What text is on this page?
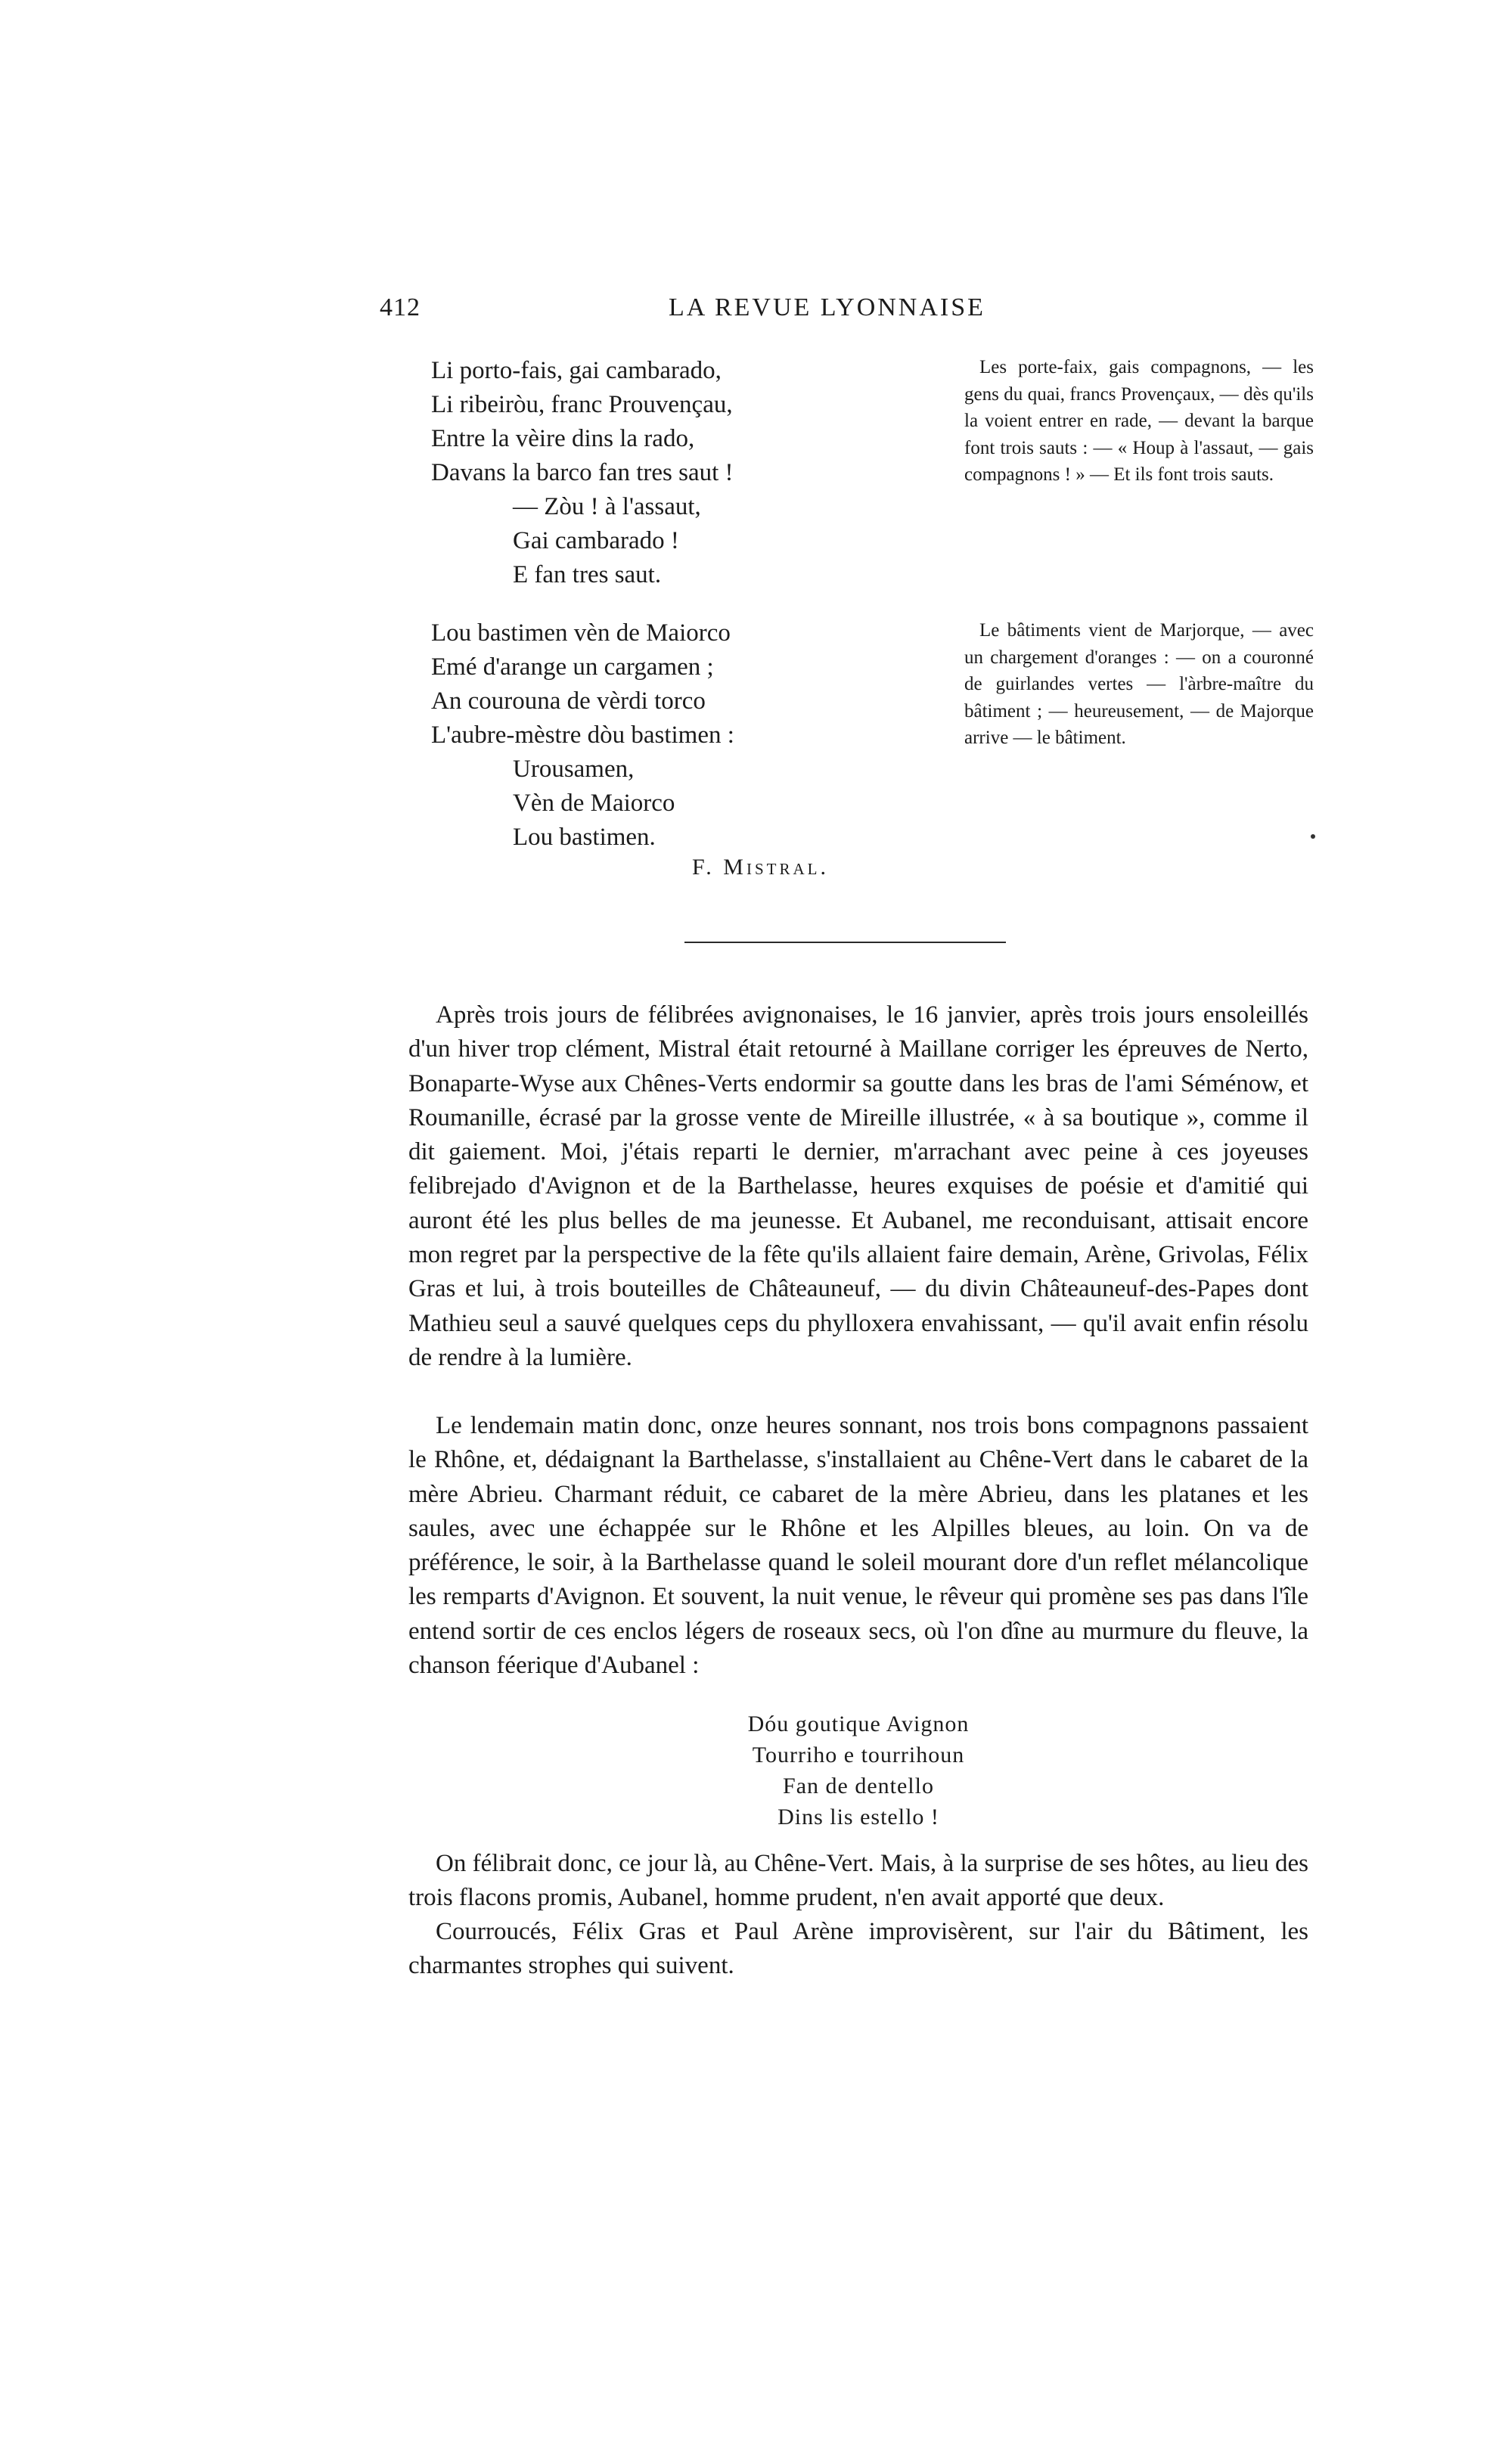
412	LA REVUE LYONNAISE
Li porto-fais, gai cambarado,
Li ribeiròu, franc Prouvençau,
Entre la vèire dins la rado,
Davans la barco fan tres saut !
— Zòu ! à l'assaut,
Gai cambarado !
E fan tres saut.

Les porte-faix, gais compagnons, — les gens du quai, francs Provençaux, — dès qu'ils la voient entrer en rade, — devant la barque font trois sauts : — « Houp à l'assaut, — gais compagnons ! » — Et ils font trois sauts.

Lou bastimen vèn de Maiorco
Emé d'arange un cargamen ;
An courouna de vèrdi torco
L'aubre-mèstre dòu bastimen :
Urousamen,
Vèn de Maiorco
Lou bastimen.

Le bâtiments vient de Marjorque, — avec un chargement d'oranges : — on a couronné de guirlandes vertes — l'àrbre-maître du bâtiment ; — heureusement, — de Majorque arrive — le bâtiment.

F. Mistral.

Après trois jours de félibrées avignonaises, le 16 janvier, après trois jours ensoleillés d'un hiver trop clément, Mistral était retourné à Maillane corriger les épreuves de Nerto, Bonaparte-Wyse aux Chênes-Verts endormir sa goutte dans les bras de l'ami Séménow, et Roumanille, écrasé par la grosse vente de Mireille illustrée, « à sa boutique », comme il dit gaiement. Moi, j'étais reparti le dernier, m'arrachant avec peine à ces joyeuses felibrejado d'Avignon et de la Barthelasse, heures exquises de poésie et d'amitié qui auront été les plus belles de ma jeunesse. Et Aubanel, me reconduisant, attisait encore mon regret par la perspective de la fête qu'ils allaient faire demain, Arène, Grivolas, Félix Gras et lui, à trois bouteilles de Châteauneuf, — du divin Châteauneuf-des-Papes dont Mathieu seul a sauvé quelques ceps du phylloxera envahissant, — qu'il avait enfin résolu de rendre à la lumière.

Le lendemain matin donc, onze heures sonnant, nos trois bons compagnons passaient le Rhône, et, dédaignant la Barthelasse, s'installaient au Chêne-Vert dans le cabaret de la mère Abrieu. Charmant réduit, ce cabaret de la mère Abrieu, dans les platanes et les saules, avec une échappée sur le Rhône et les Alpilles bleues, au loin. On va de préférence, le soir, à la Barthelasse quand le soleil mourant dore d'un reflet mélancolique les remparts d'Avignon. Et souvent, la nuit venue, le rêveur qui promène ses pas dans l'île entend sortir de ces enclos légers de roseaux secs, où l'on dîne au murmure du fleuve, la chanson féerique d'Aubanel :

Dóu goutique Avignon
Tourriho e tourrihoun
Fan de dentello
Dins lis estello !

On félibrait donc, ce jour là, au Chêne-Vert. Mais, à la surprise de ses hôtes, au lieu des trois flacons promis, Aubanel, homme prudent, n'en avait apporté que deux.

Courroucés, Félix Gras et Paul Arène improvisèrent, sur l'air du Bâtiment, les charmantes strophes qui suivent.
